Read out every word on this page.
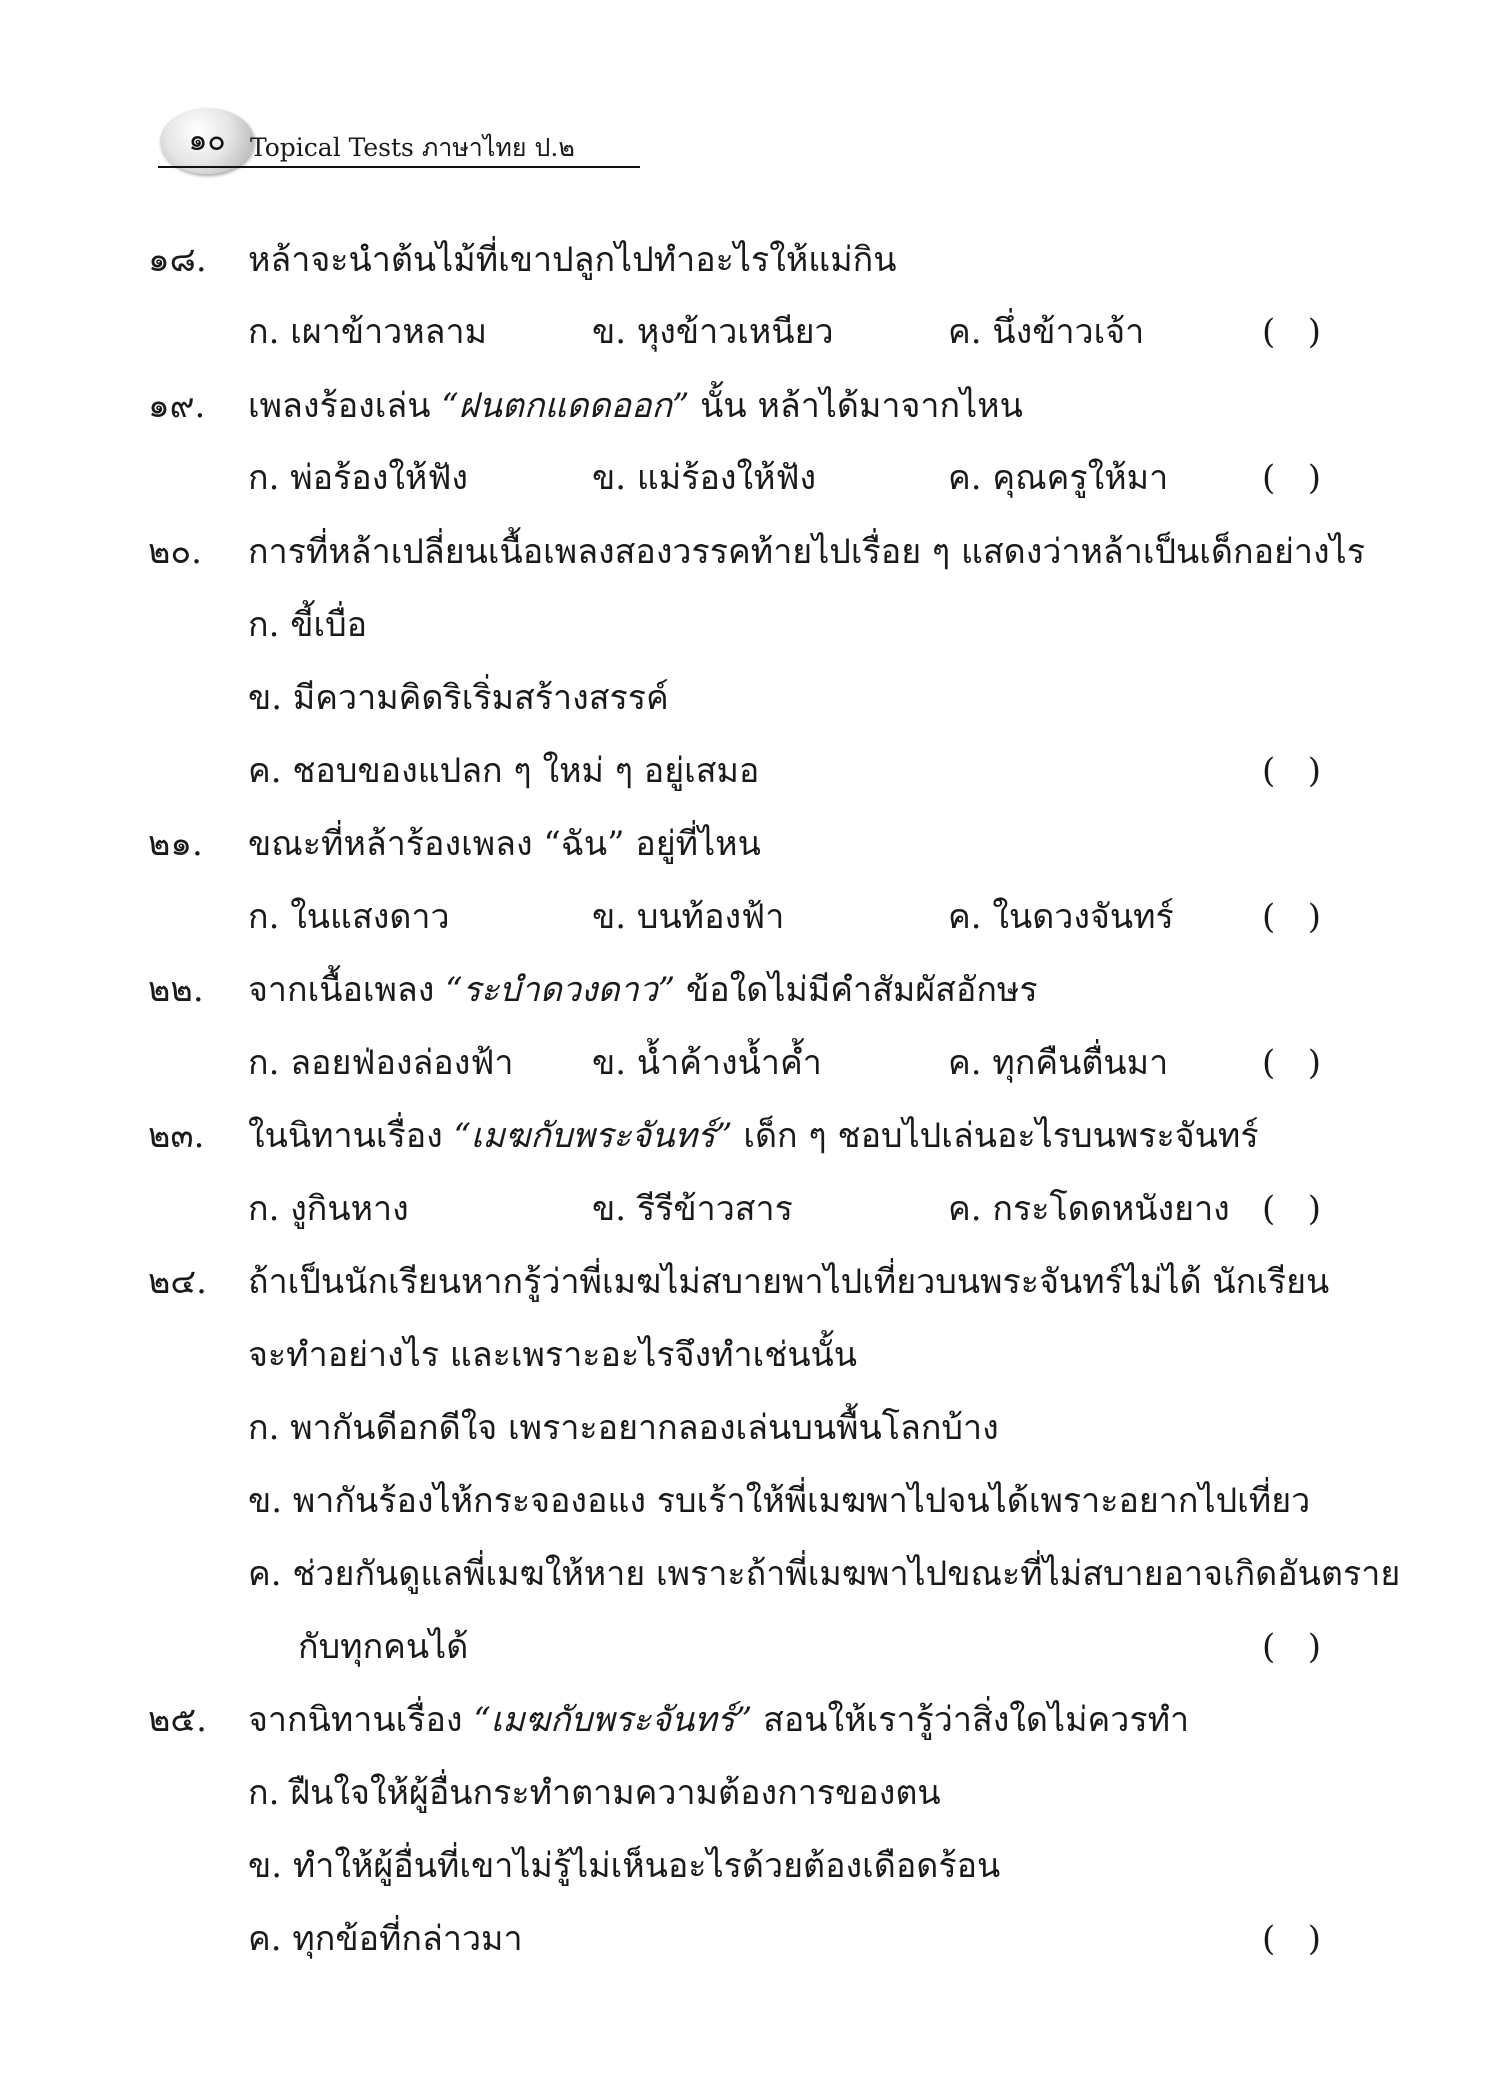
๑๐ Topical Tests ภาษาไทย ป.๒
๑๘. หล้าจะนำต้นไม้ที่เขาปลูกไปทำอะไรให้แม่กิน
ก. เผาข้าวหลาม	ข. หุงข้าวเหนียว	ค. นึ่งข้าวเจ้า	(   )
๑๙. เพลงร้องเล่น “ฝนตกแดดออก” นั้น หล้าได้มาจากไหน
ก. พ่อร้องให้ฟัง	ข. แม่ร้องให้ฟัง	ค. คุณครูให้มา	(   )
๒๐. การที่หล้าเปลี่ยนเนื้อเพลงสองวรรคท้ายไปเรื่อย ๆ แสดงว่าหล้าเป็นเด็กอย่างไร
ก. ขี้เบื่อ
ข. มีความคิดริเริ่มสร้างสรรค์
ค. ชอบของแปลก ๆ ใหม่ ๆ อยู่เสมอ	(   )
๒๑. ขณะที่หล้าร้องเพลง “ฉัน” อยู่ที่ไหน
ก. ในแสงดาว	ข. บนท้องฟ้า	ค. ในดวงจันทร์	(   )
๒๒. จากเนื้อเพลง “ระบำดวงดาว” ข้อใดไม่มีคำสัมผัสอักษร
ก. ลอยฟ่องล่องฟ้า ข. น้ำค้างน้ำค้ำ	ค. ทุกคืนตื่นมา	(   )
๒๓. ในนิทานเรื่อง “เมฆกับพระจันทร์” เด็ก ๆ ชอบไปเล่นอะไรบนพระจันทร์
ก. งูกินหาง	ข. รีรีข้าวสาร	ค. กระโดดหนังยาง (   )
๒๔. ถ้าเป็นนักเรียนหากรู้ว่าพี่เมฆไม่สบายพาไปเที่ยวบนพระจันทร์ไม่ได้ นักเรียน
จะทำอย่างไร และเพราะอะไรจึงทำเช่นนั้น
ก. พากันดีอกดีใจ เพราะอยากลองเล่นบนพื้นโลกบ้าง
ข. พากันร้องไห้กระจองอแง รบเร้าให้พี่เมฆพาไปจนได้เพราะอยากไปเที่ยว
ค. ช่วยกันดูแลพี่เมฆให้หาย เพราะถ้าพี่เมฆพาไปขณะที่ไม่สบายอาจเกิดอันตราย
กับทุกคนได้	(   )
๒๕. จากนิทานเรื่อง “เมฆกับพระจันทร์” สอนให้เรารู้ว่าสิ่งใดไม่ควรทำ
ก. ฝืนใจให้ผู้อื่นกระทำตามความต้องการของตน
ข. ทำให้ผู้อื่นที่เขาไม่รู้ไม่เห็นอะไรด้วยต้องเดือดร้อน
ค. ทุกข้อที่กล่าวมา	(   )
